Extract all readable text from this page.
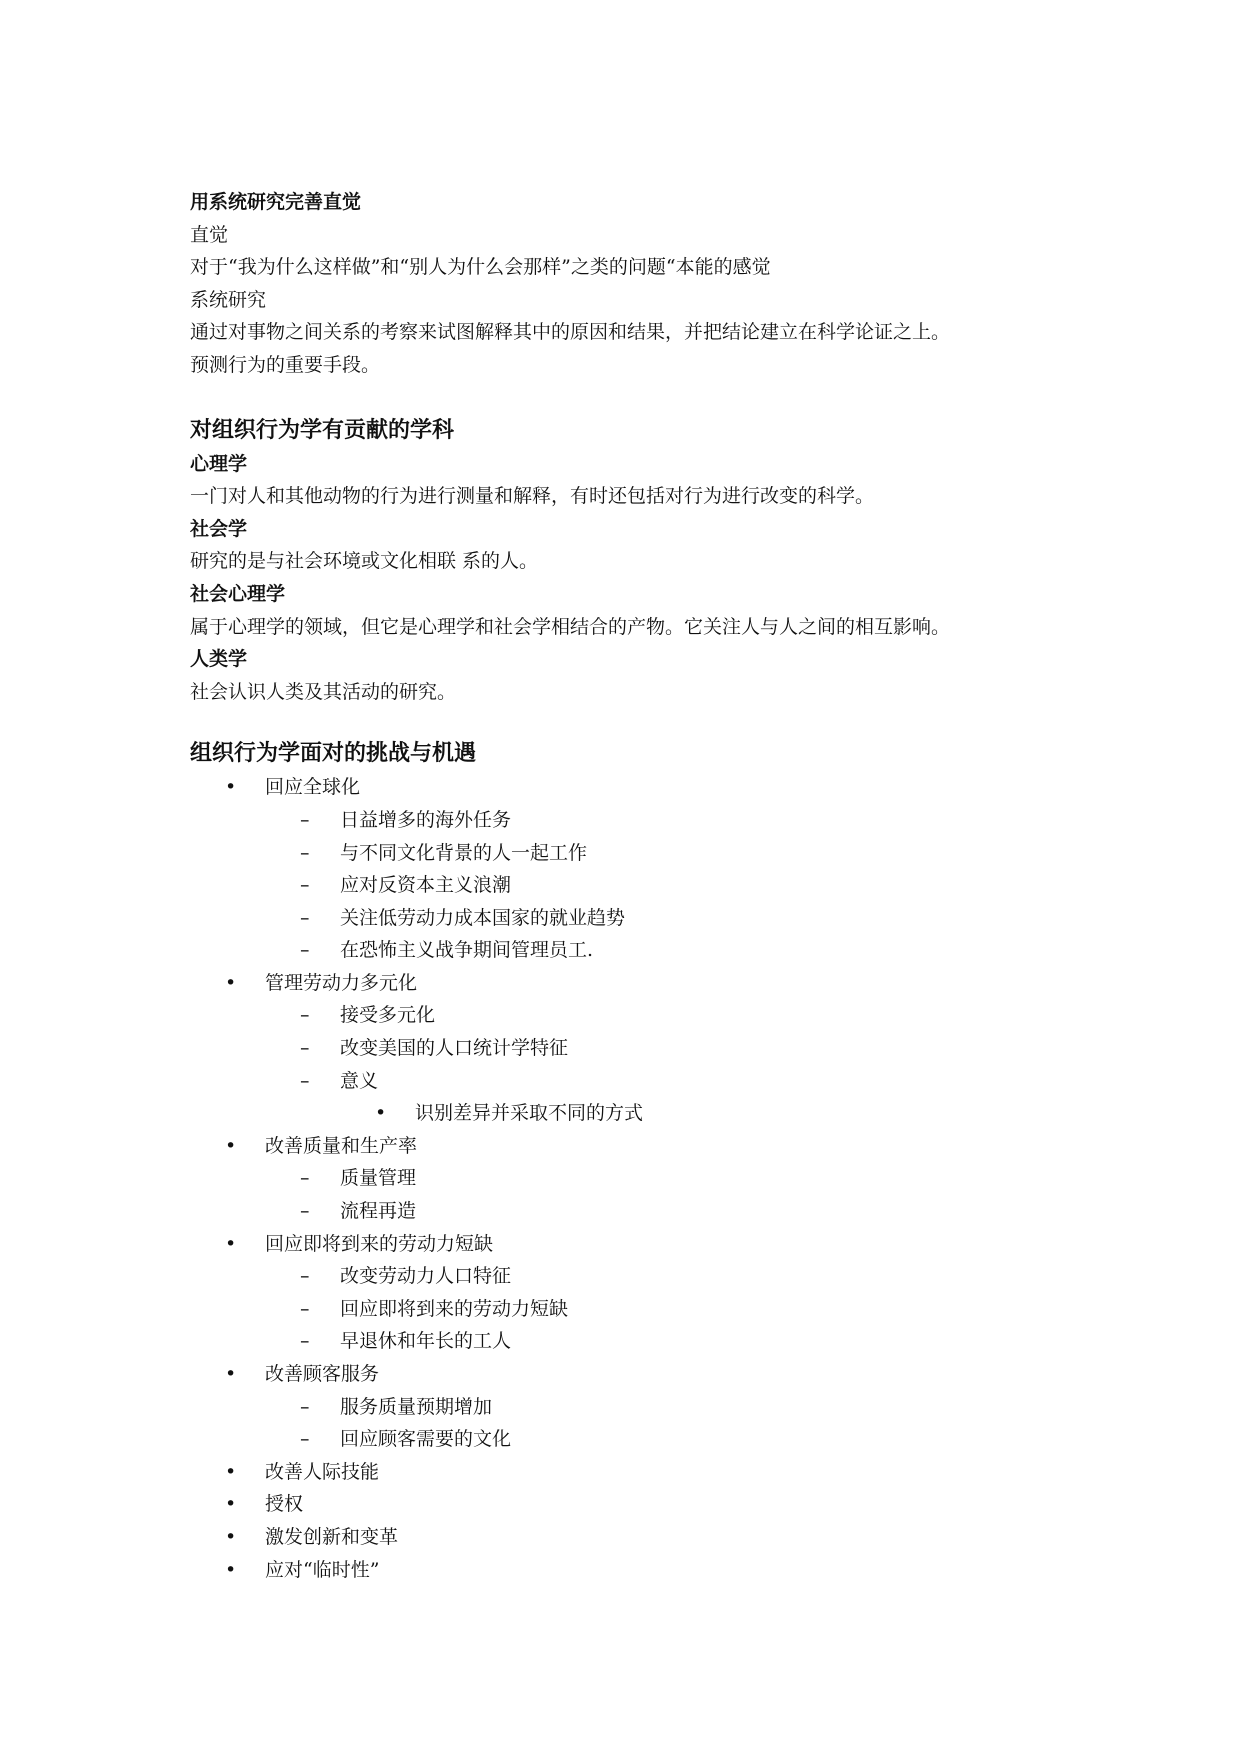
用系统研究完善直觉
直觉
对于“我为什么这样做”和“别人为什么会那样”之类的问题“本能的感觉
系统研究
通过对事物之间关系的考察来试图解释其中的原因和结果，并把结论建立在科学论证之上。
预测行为的重要手段。
对组织行为学有贡献的学科
心理学
一门对人和其他动物的行为进行测量和解释，有时还包括对行为进行改变的科学。
社会学
研究的是与社会环境或文化相联 系的人。
社会心理学
属于心理学的领域，但它是心理学和社会学相结合的产物。它关注人与人之间的相互影响。
人类学
社会认识人类及其活动的研究。
组织行为学面对的挑战与机遇
• 回应全球化
– 日益增多的海外任务
– 与不同文化背景的人一起工作
– 应对反资本主义浪潮
– 关注低劳动力成本国家的就业趋势
– 在恐怖主义战争期间管理员工.
• 管理劳动力多元化
– 接受多元化
– 改变美国的人口统计学特征
– 意义
• 识别差异并采取不同的方式
• 改善质量和生产率
– 质量管理
– 流程再造
• 回应即将到来的劳动力短缺
– 改变劳动力人口特征
– 回应即将到来的劳动力短缺
– 早退休和年长的工人
• 改善顾客服务
– 服务质量预期增加
– 回应顾客需要的文化
• 改善人际技能
• 授权
• 激发创新和变革
• 应对“临时性”
